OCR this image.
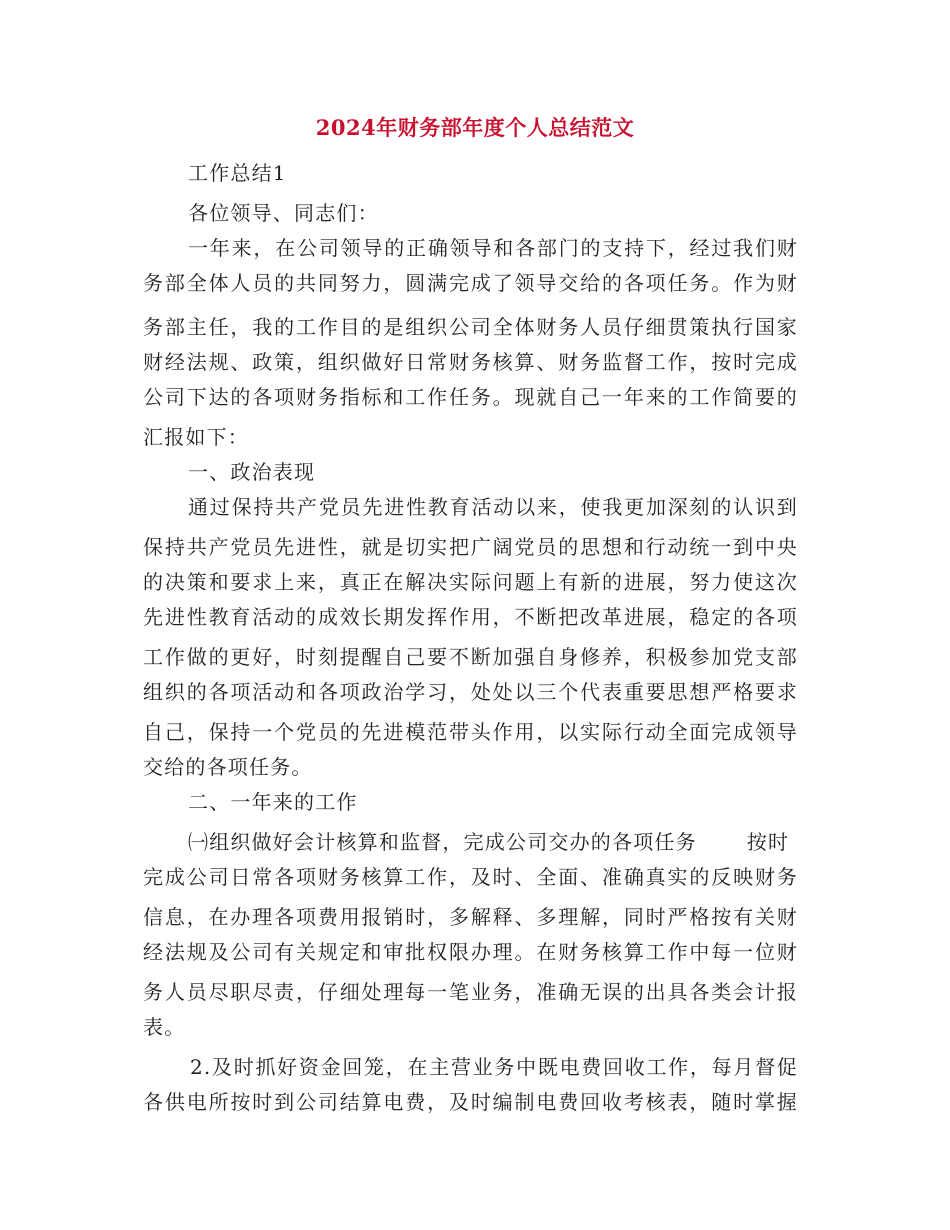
2024年财务部年度个人总结范文
工作总结1
各位领导、同志们：
一年来，在公司领导的正确领导和各部门的支持下，经过我们财
务部全体人员的共同努力，圆满完成了领导交给的各项任务。作为财
务部主任，我的工作目的是组织公司全体财务人员仔细贯策执行国家
财经法规、政策，组织做好日常财务核算、财务监督工作，按时完成
公司下达的各项财务指标和工作任务。现就自己一年来的工作简要的
汇报如下：
一、政治表现
通过保持共产党员先进性教育活动以来，使我更加深刻的认识到
保持共产党员先进性，就是切实把广阔党员的思想和行动统一到中央
的决策和要求上来，真正在解决实际问题上有新的进展，努力使这次
先进性教育活动的成效长期发挥作用，不断把改革进展，稳定的各项
工作做的更好，时刻提醒自己要不断加强自身修养，积极参加党支部
组织的各项活动和各项政治学习，处处以三个代表重要思想严格要求
自己，保持一个党员的先进模范带头作用，以实际行动全面完成领导
交给的各项任务。
二、一年来的工作
㈠组织做好会计核算和监督，完成公司交办的各项任务	按时
完成公司日常各项财务核算工作，及时、全面、准确真实的反映财务
信息，在办理各项费用报销时，多解释、多理解，同时严格按有关财
经法规及公司有关规定和审批权限办理。在财务核算工作中每一位财
务人员尽职尽责，仔细处理每一笔业务，准确无误的出具各类会计报
表。
2.及时抓好资金回笼，在主营业务中既电费回收工作，每月督促
各供电所按时到公司结算电费，及时编制电费回收考核表，随时掌握
